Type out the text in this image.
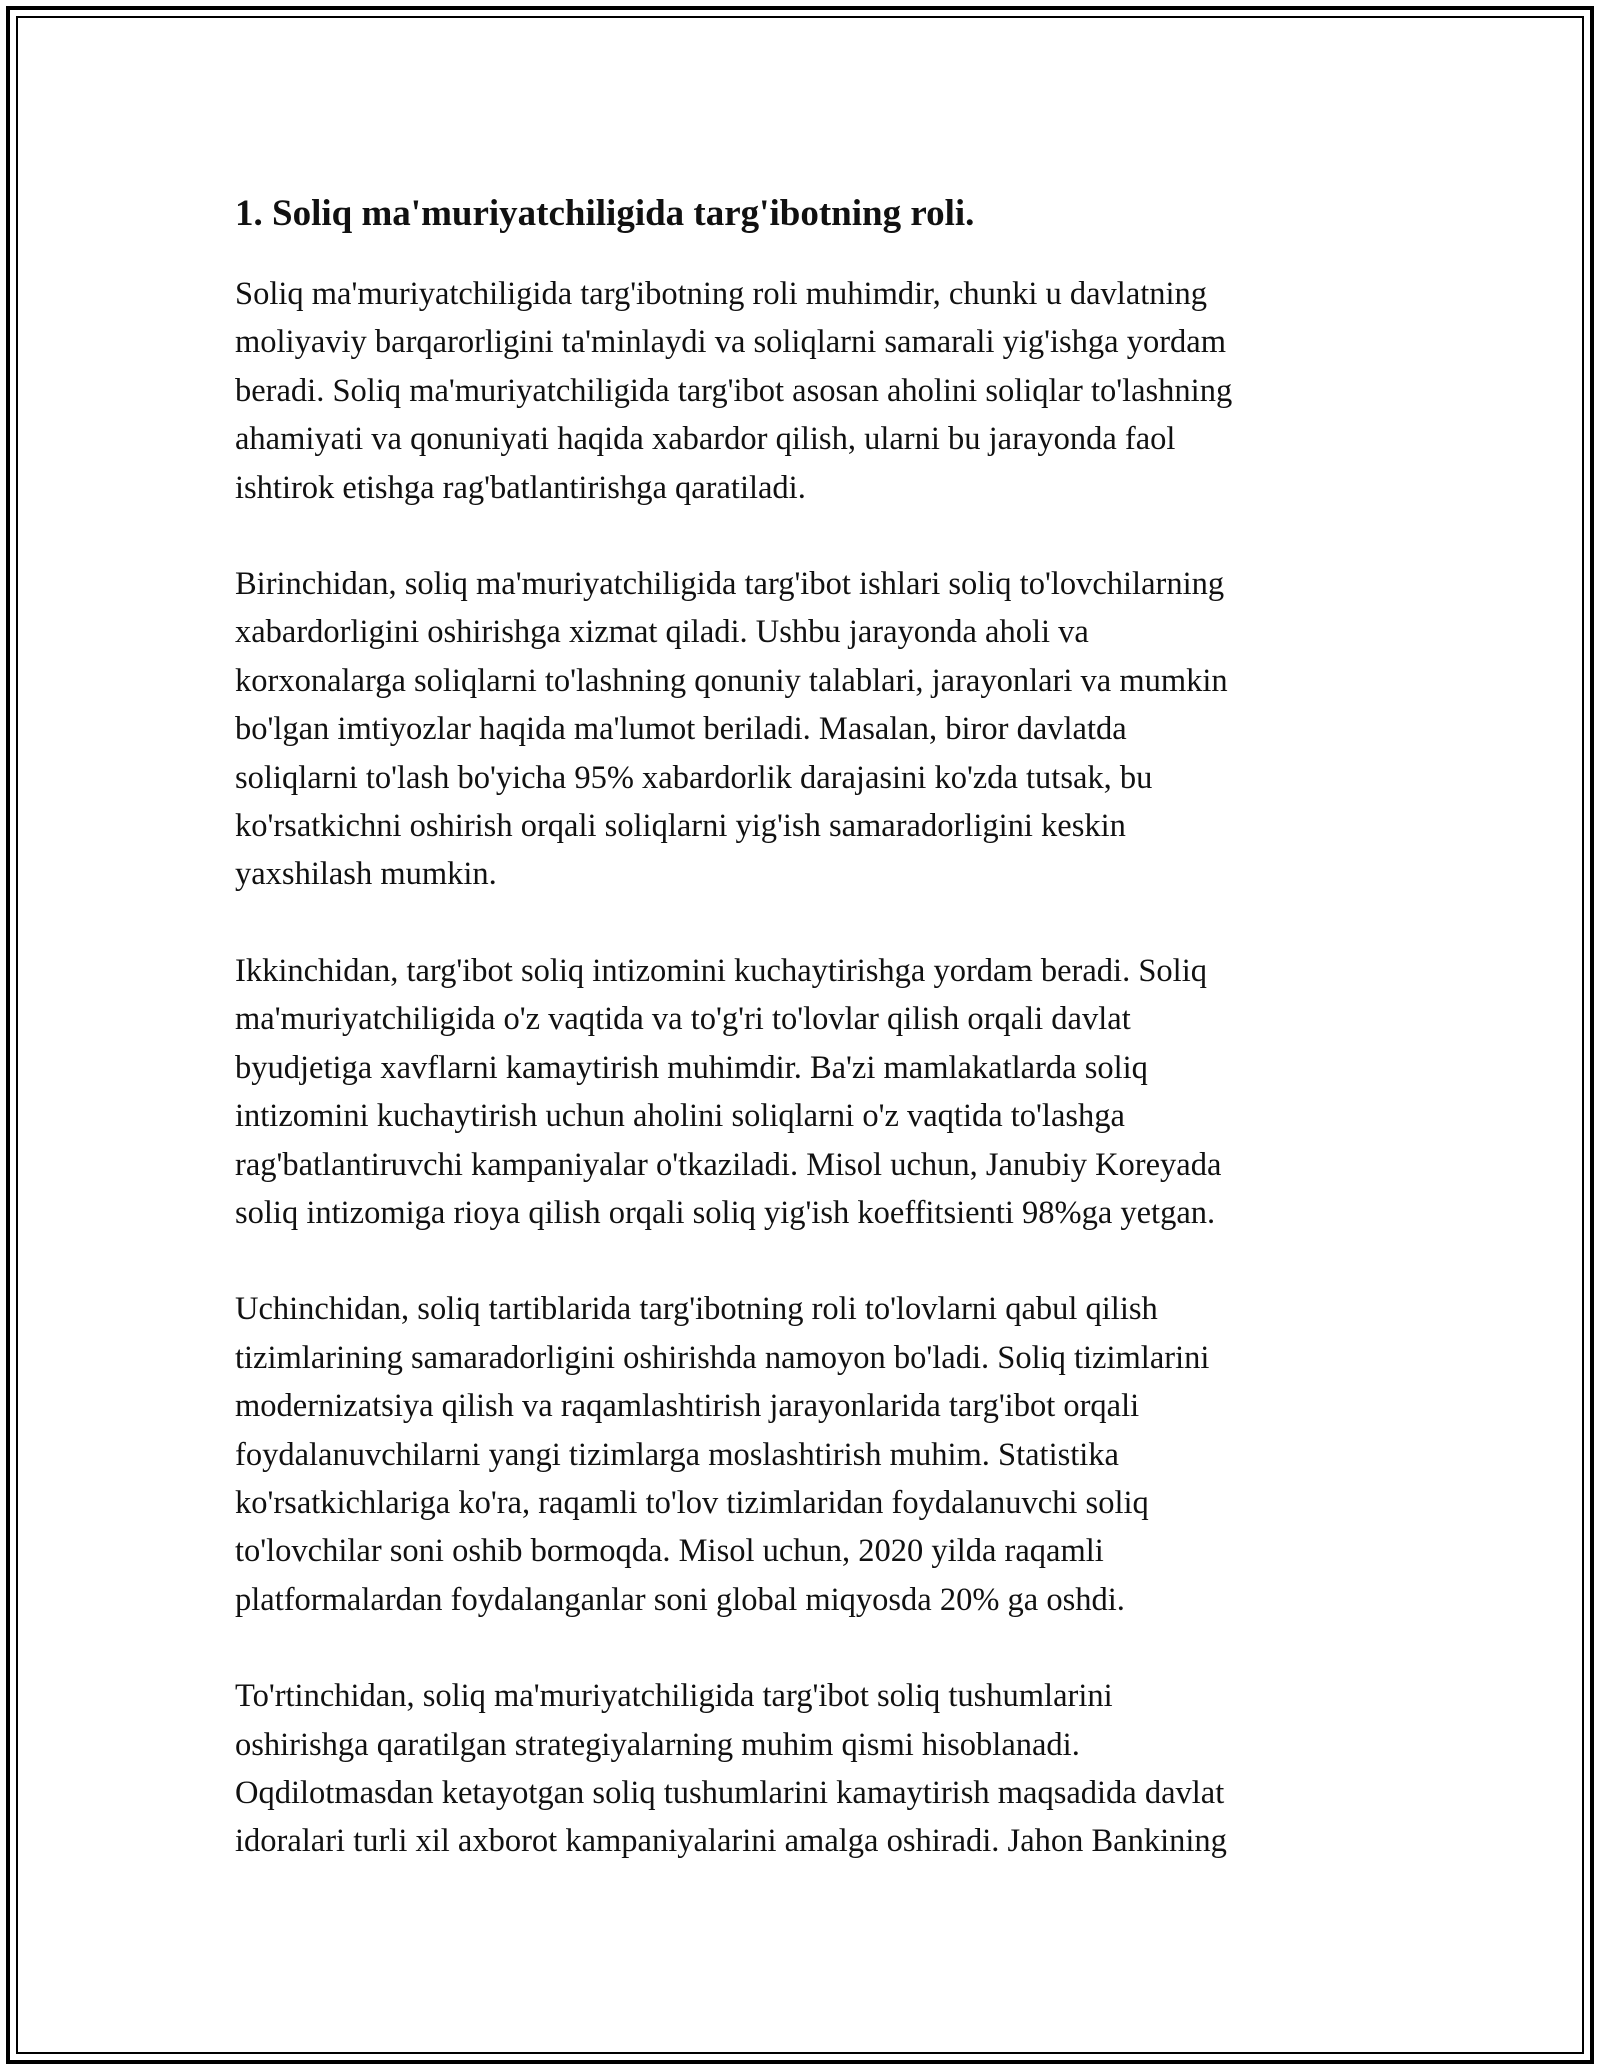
1. Soliq ma'muriyatchiligida targ'ibotning roli.

Soliq ma'muriyatchiligida targ'ibotning roli muhimdir, chunki u davlatning
moliyaviy barqarorligini ta'minlaydi va soliqlarni samarali yig'ishga yordam
beradi. Soliq ma'muriyatchiligida targ'ibot asosan aholini soliqlar to'lashning
ahamiyati va qonuniyati haqida xabardor qilish, ularni bu jarayonda faol
ishtirok etishga rag'batlantirishga qaratiladi.

Birinchidan, soliq ma'muriyatchiligida targ'ibot ishlari soliq to'lovchilarning
xabardorligini oshirishga xizmat qiladi. Ushbu jarayonda aholi va
korxonalarga soliqlarni to'lashning qonuniy talablari, jarayonlari va mumkin
bo'lgan imtiyozlar haqida ma'lumot beriladi. Masalan, biror davlatda
soliqlarni to'lash bo'yicha 95% xabardorlik darajasini ko'zda tutsak, bu
ko'rsatkichni oshirish orqali soliqlarni yig'ish samaradorligini keskin
yaxshilash mumkin.

Ikkinchidan, targ'ibot soliq intizomini kuchaytirishga yordam beradi. Soliq
ma'muriyatchiligida o'z vaqtida va to'g'ri to'lovlar qilish orqali davlat
byudjetiga xavflarni kamaytirish muhimdir. Ba'zi mamlakatlarda soliq
intizomini kuchaytirish uchun aholini soliqlarni o'z vaqtida to'lashga
rag'batlantiruvchi kampaniyalar o'tkaziladi. Misol uchun, Janubiy Koreyada
soliq intizomiga rioya qilish orqali soliq yig'ish koeffitsienti 98%ga yetgan.

Uchinchidan, soliq tartiblarida targ'ibotning roli to'lovlarni qabul qilish
tizimlarining samaradorligini oshirishda namoyon bo'ladi. Soliq tizimlarini
modernizatsiya qilish va raqamlashtirish jarayonlarida targ'ibot orqali
foydalanuvchilarni yangi tizimlarga moslashtirish muhim. Statistika
ko'rsatkichlariga ko'ra, raqamli to'lov tizimlaridan foydalanuvchi soliq
to'lovchilar soni oshib bormoqda. Misol uchun, 2020 yilda raqamli
platformalardan foydalanganlar soni global miqyosda 20% ga oshdi.

To'rtinchidan, soliq ma'muriyatchiligida targ'ibot soliq tushumlarini
oshirishga qaratilgan strategiyalarning muhim qismi hisoblanadi.
Oqdilotmasdan ketayotgan soliq tushumlarini kamaytirish maqsadida davlat
idoralari turli xil axborot kampaniyalarini amalga oshiradi. Jahon Bankining
